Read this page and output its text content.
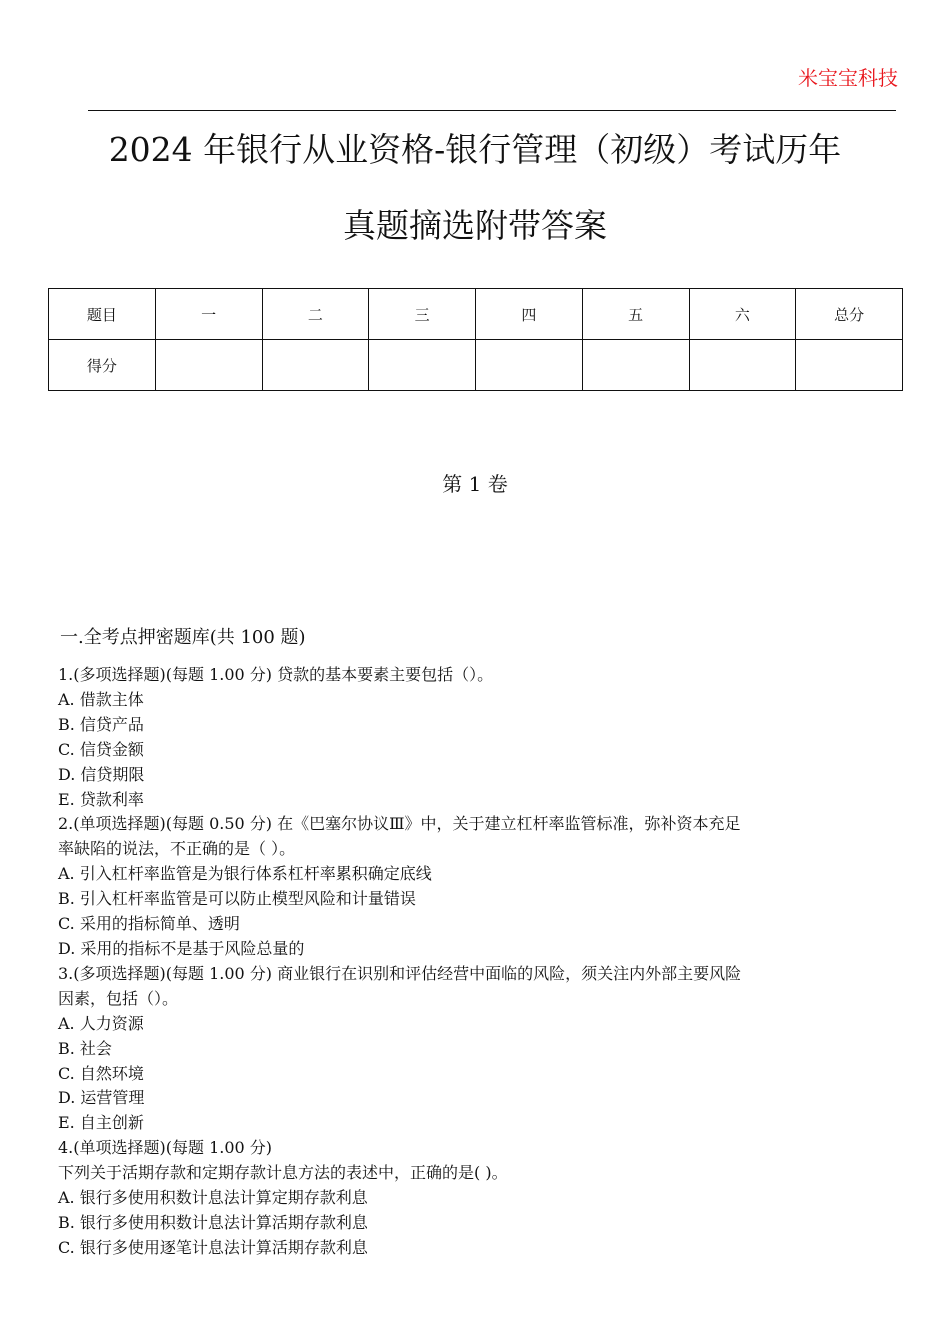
米宝宝科技
2024 年银行从业资格-银行管理（初级）考试历年
真题摘选附带答案
题目	一	二	三	四	五	六	总分
得分							
第 1 卷
一.全考点押密题库(共 100 题)
1.(多项选择题)(每题 1.00 分) 贷款的基本要素主要包括（）。
A. 借款主体
B. 信贷产品
C. 信贷金额
D. 信贷期限
E. 贷款利率
2.(单项选择题)(每题 0.50 分) 在《巴塞尔协议Ⅲ》中，关于建立杠杆率监管标准，弥补资本充足
率缺陷的说法，不正确的是（ ）。
A. 引入杠杆率监管是为银行体系杠杆率累积确定底线
B. 引入杠杆率监管是可以防止模型风险和计量错误
C. 采用的指标简单、透明
D. 采用的指标不是基于风险总量的
3.(多项选择题)(每题 1.00 分) 商业银行在识别和评估经营中面临的风险，须关注内外部主要风险
因素，包括（）。
A. 人力资源
B. 社会
C. 自然环境
D. 运营管理
E. 自主创新
4.(单项选择题)(每题 1.00 分)
下列关于活期存款和定期存款计息方法的表述中，正确的是( )。
A. 银行多使用积数计息法计算定期存款利息
B. 银行多使用积数计息法计算活期存款利息
C. 银行多使用逐笔计息法计算活期存款利息
